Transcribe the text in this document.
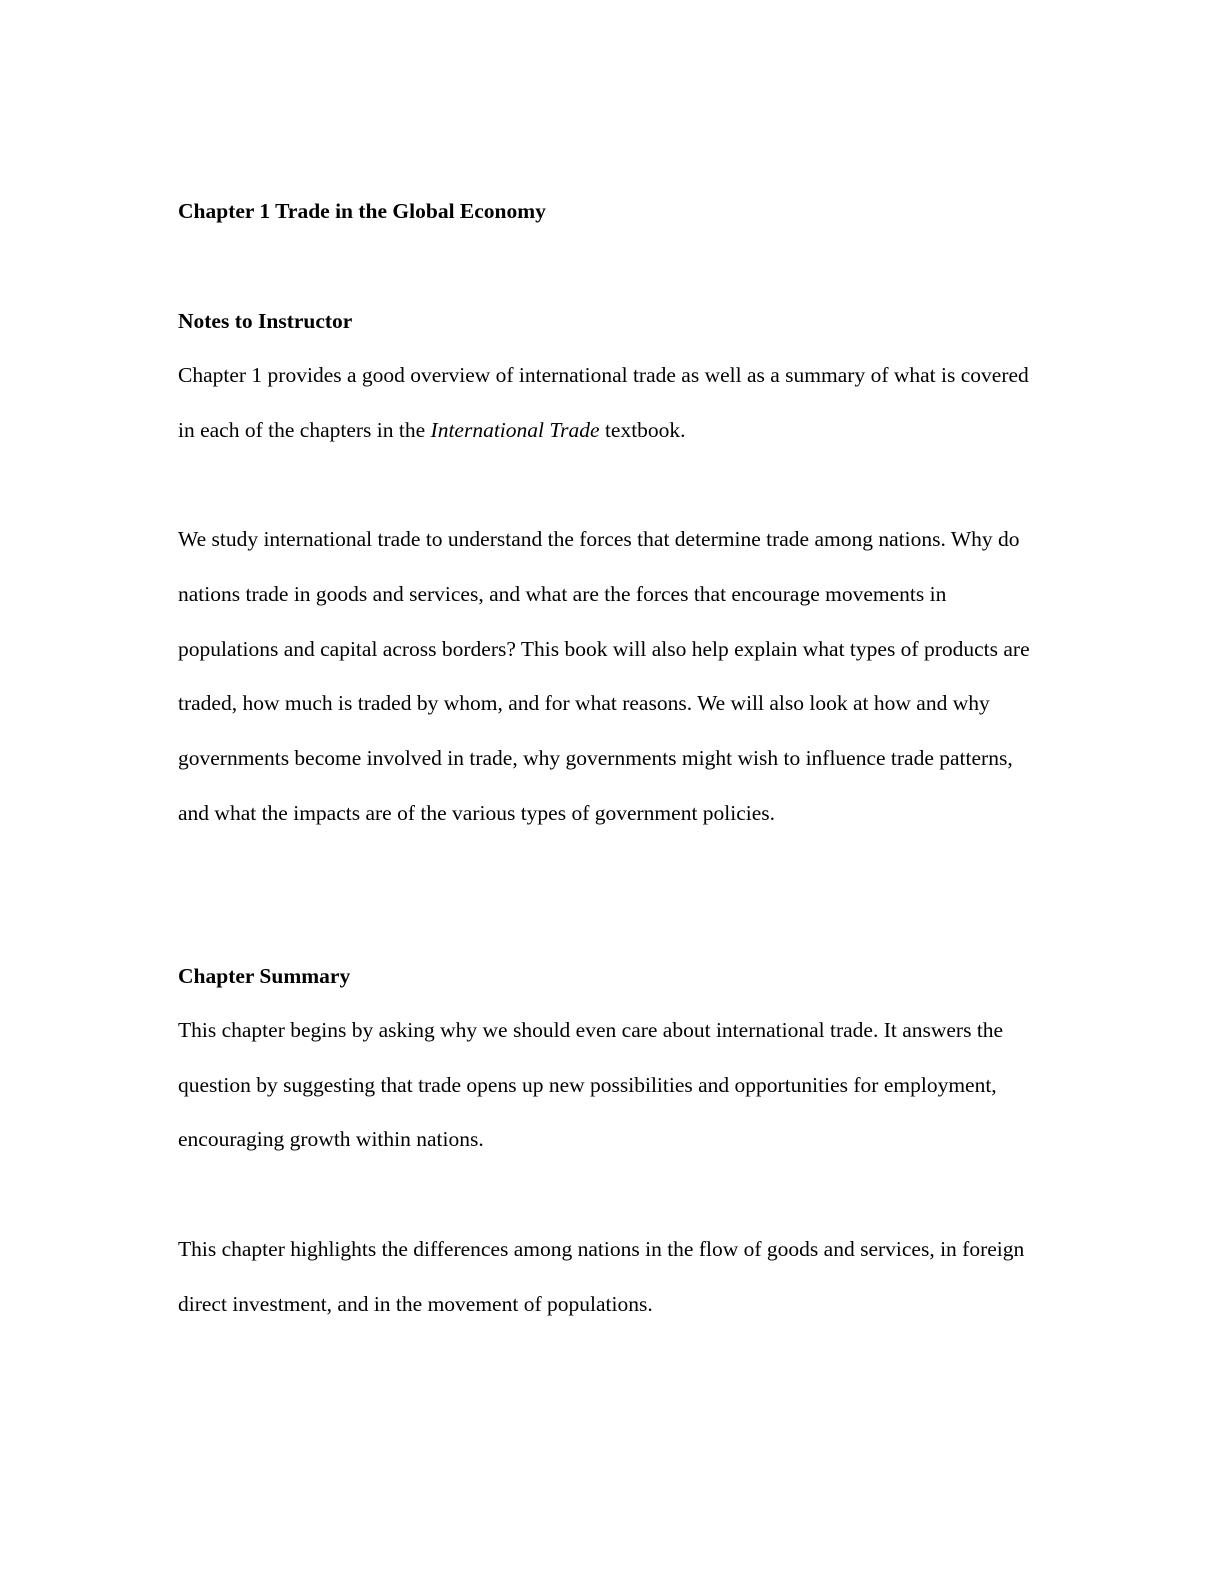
Chapter 1 Trade in the Global Economy
Notes to Instructor

Chapter 1 provides a good overview of international trade as well as a summary of what is covered in each of the chapters in the International Trade textbook.

We study international trade to understand the forces that determine trade among nations. Why do nations trade in goods and services, and what are the forces that encourage movements in populations and capital across borders? This book will also help explain what types of products are traded, how much is traded by whom, and for what reasons. We will also look at how and why governments become involved in trade, why governments might wish to influence trade patterns, and what the impacts are of the various types of government policies.

Chapter Summary

This chapter begins by asking why we should even care about international trade. It answers the question by suggesting that trade opens up new possibilities and opportunities for employment, encouraging growth within nations.

This chapter highlights the differences among nations in the flow of goods and services, in foreign direct investment, and in the movement of populations.
